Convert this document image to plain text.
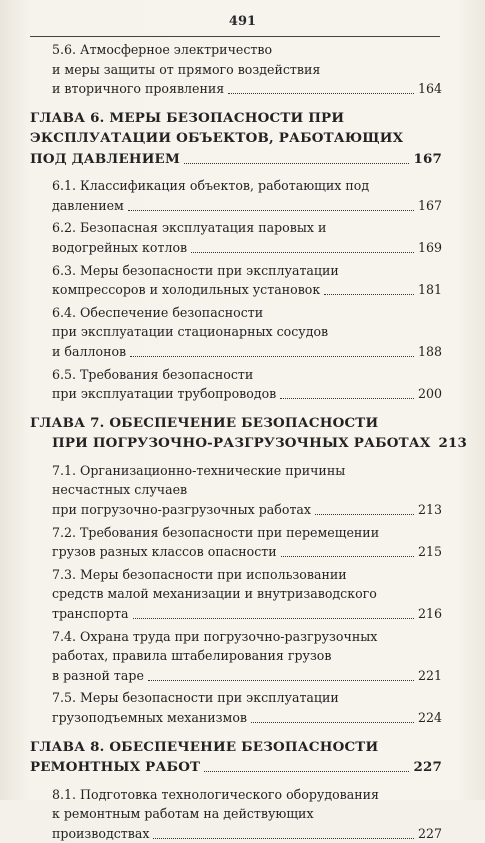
491
5.6. Атмосферное электричество
и меры защиты от прямого воздействия
и вторичного проявления	164
ГЛАВА 6. МЕРЫ БЕЗОПАСНОСТИ ПРИ
ЭКСПЛУАТАЦИИ ОБЪЕКТОВ, РАБОТАЮЩИХ
ПОД ДАВЛЕНИЕМ	167
6.1. Классификация объектов, работающих под
давлением	167
6.2. Безопасная эксплуатация паровых и
водогрейных котлов	169
6.3. Меры безопасности при эксплуатации
компрессоров и холодильных установок	181
6.4. Обеспечение безопасности
при эксплуатации стационарных сосудов
и баллонов	188
6.5. Требования безопасности
при эксплуатации трубопроводов	200
ГЛАВА 7. ОБЕСПЕЧЕНИЕ БЕЗОПАСНОСТИ
ПРИ ПОГРУЗОЧНО-РАЗГРУЗОЧНЫХ РАБОТАХ 213
7.1. Организационно-технические причины
несчастных случаев
при погрузочно-разгрузочных работах	213
7.2. Требования безопасности при перемещении
грузов разных классов опасности	215
7.3. Меры безопасности при использовании
средств малой механизации и внутризаводского
транспорта	216
7.4. Охрана труда при погрузочно-разгрузочных
работах, правила штабелирования грузов
в разной таре	221
7.5. Меры безопасности при эксплуатации
грузоподъемных механизмов	224
ГЛАВА 8. ОБЕСПЕЧЕНИЕ БЕЗОПАСНОСТИ
РЕМОНТНЫХ РАБОТ	227
8.1. Подготовка технологического оборудования
к ремонтным работам на действующих
производствах	227
